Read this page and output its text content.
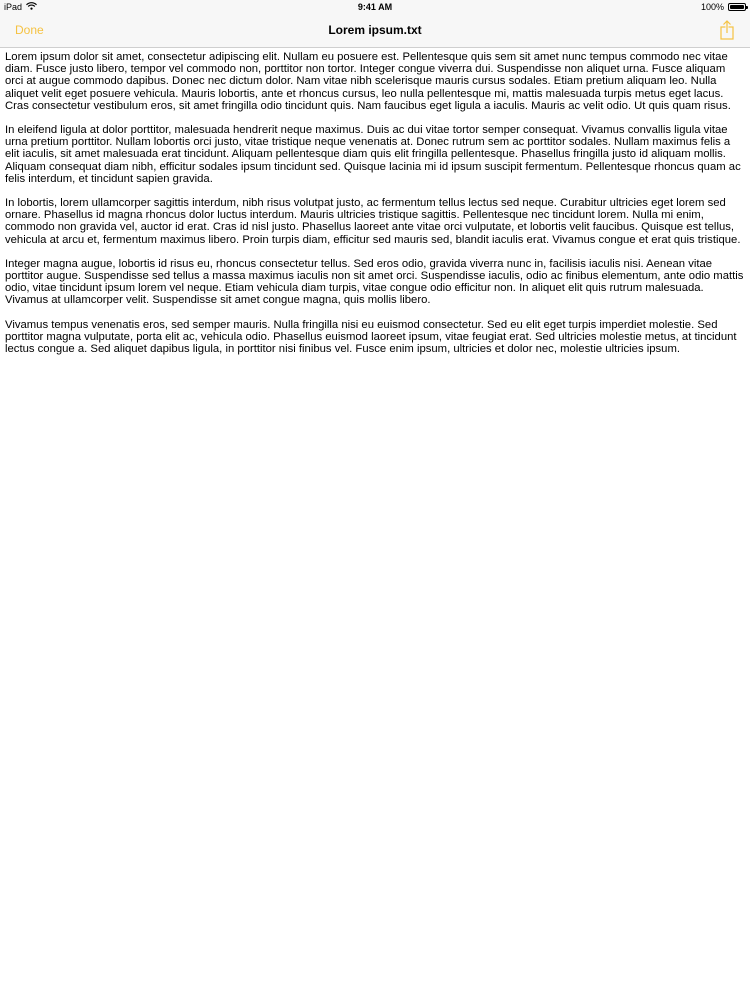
iPad	9:41 AM	100%
Done	Lorem ipsum.txt

Lorem ipsum dolor sit amet, consectetur adipiscing elit. Nullam eu posuere est. Pellentesque quis sem sit amet nunc tempus commodo nec vitae diam. Fusce justo libero, tempor vel commodo non, porttitor non tortor. Integer congue viverra dui. Suspendisse non aliquet urna. Fusce aliquam orci at augue commodo dapibus. Donec nec dictum dolor. Nam vitae nibh scelerisque mauris cursus sodales. Etiam pretium aliquam leo. Nulla aliquet velit eget posuere vehicula. Mauris lobortis, ante et rhoncus cursus, leo nulla pellentesque mi, mattis malesuada turpis metus eget lacus. Cras consectetur vestibulum eros, sit amet fringilla odio tincidunt quis. Nam faucibus eget ligula a iaculis. Mauris ac velit odio. Ut quis quam risus.

In eleifend ligula at dolor porttitor, malesuada hendrerit neque maximus. Duis ac dui vitae tortor semper consequat. Vivamus convallis ligula vitae urna pretium porttitor. Nullam lobortis orci justo, vitae tristique neque venenatis at. Donec rutrum sem ac porttitor sodales. Nullam maximus felis a elit iaculis, sit amet malesuada erat tincidunt. Aliquam pellentesque diam quis elit fringilla pellentesque. Phasellus fringilla justo id aliquam mollis. Aliquam consequat diam nibh, efficitur sodales ipsum tincidunt sed. Quisque lacinia mi id ipsum suscipit fermentum. Pellentesque rhoncus quam ac felis interdum, et tincidunt sapien gravida.

In lobortis, lorem ullamcorper sagittis interdum, nibh risus volutpat justo, ac fermentum tellus lectus sed neque. Curabitur ultricies eget lorem sed ornare. Phasellus id magna rhoncus dolor luctus interdum. Mauris ultricies tristique sagittis. Pellentesque nec tincidunt lorem. Nulla mi enim, commodo non gravida vel, auctor id erat. Cras id nisl justo. Phasellus laoreet ante vitae orci vulputate, et lobortis velit faucibus. Quisque est tellus, vehicula at arcu et, fermentum maximus libero. Proin turpis diam, efficitur sed mauris sed, blandit iaculis erat. Vivamus congue et erat quis tristique.

Integer magna augue, lobortis id risus eu, rhoncus consectetur tellus. Sed eros odio, gravida viverra nunc in, facilisis iaculis nisi. Aenean vitae porttitor augue. Suspendisse sed tellus a massa maximus iaculis non sit amet orci. Suspendisse iaculis, odio ac finibus elementum, ante odio mattis odio, vitae tincidunt ipsum lorem vel neque. Etiam vehicula diam turpis, vitae congue odio efficitur non. In aliquet elit quis rutrum malesuada. Vivamus at ullamcorper velit. Suspendisse sit amet congue magna, quis mollis libero.

Vivamus tempus venenatis eros, sed semper mauris. Nulla fringilla nisi eu euismod consectetur. Sed eu elit eget turpis imperdiet molestie. Sed porttitor magna vulputate, porta elit ac, vehicula odio. Phasellus euismod laoreet ipsum, vitae feugiat erat. Sed ultricies molestie metus, at tincidunt lectus congue a. Sed aliquet dapibus ligula, in porttitor nisi finibus vel. Fusce enim ipsum, ultricies et dolor nec, molestie ultricies ipsum.
